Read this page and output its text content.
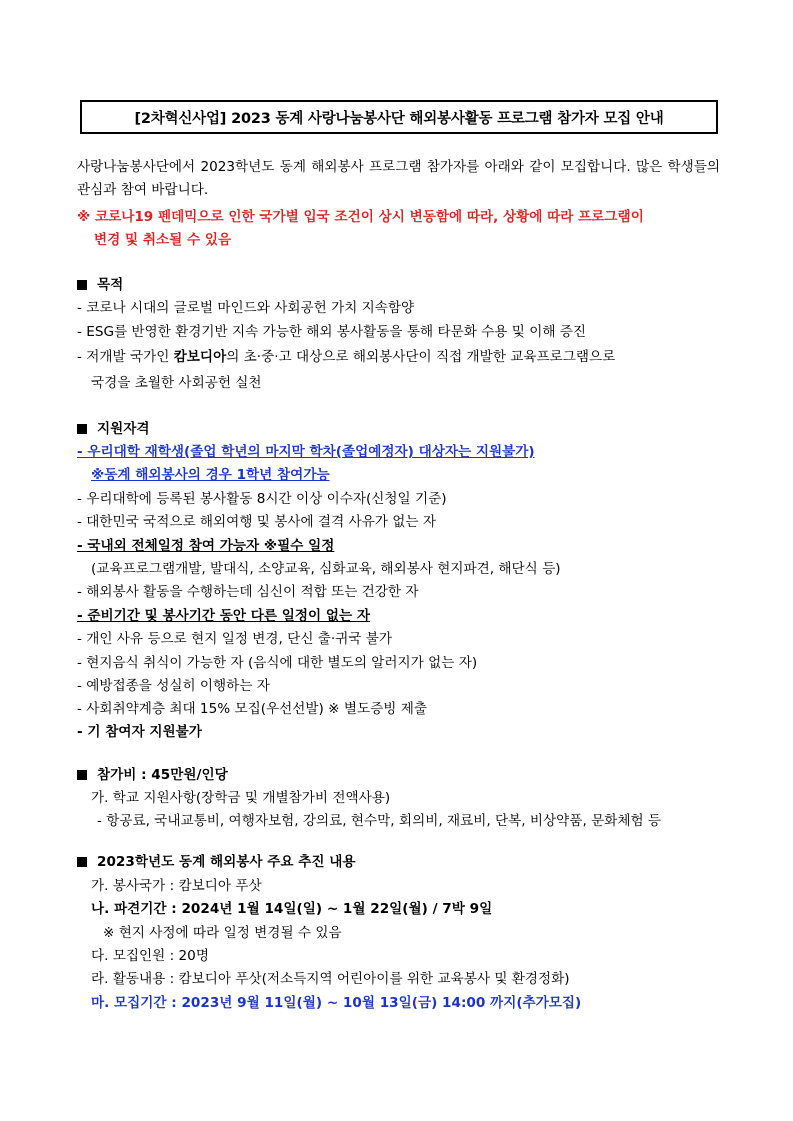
[2차혁신사업] 2023 동계 사랑나눔봉사단 해외봉사활동 프로그램 참가자 모집 안내
사랑나눔봉사단에서 2023학년도 동계 해외봉사 프로그램 참가자를 아래와 같이 모집합니다. 많은 학생들의 관심과 참여 바랍니다.
※ 코로나19 펜데믹으로 인한 국가별 입국 조건이 상시 변동함에 따라, 상황에 따라 프로그램이
변경 및 취소될 수 있음
목적
- 코로나 시대의 글로벌 마인드와 사회공헌 가치 지속함양
- ESG를 반영한 환경기반 지속 가능한 해외 봉사활동을 통해 타문화 수용 및 이해 증진
- 저개발 국가인 캄보디아의 초·중·고 대상으로 해외봉사단이 직접 개발한 교육프로그램으로
국경을 초월한 사회공헌 실천
지원자격
- 우리대학 재학생(졸업 학년의 마지막 학차(졸업예정자) 대상자는 지원불가)
※동계 해외봉사의 경우 1학년 참여가능
- 우리대학에 등록된 봉사활동 8시간 이상 이수자(신청일 기준)
- 대한민국 국적으로 해외여행 및 봉사에 결격 사유가 없는 자
- 국내외 전체일정 참여 가능자 ※필수 일정
(교육프로그램개발, 발대식, 소양교육, 심화교육, 해외봉사 현지파견, 해단식 등)
- 해외봉사 활동을 수행하는데 심신이 적합 또는 건강한 자
- 준비기간 및 봉사기간 동안 다른 일정이 없는 자
- 개인 사유 등으로 현지 일정 변경, 단신 출·귀국 불가
- 현지음식 취식이 가능한 자 (음식에 대한 별도의 알러지가 없는 자)
- 예방접종을 성실히 이행하는 자
- 사회취약계층 최대 15% 모집(우선선발) ※ 별도증빙 제출
- 기 참여자 지원불가
참가비 : 45만원/인당
가. 학교 지원사항(장학금 및 개별참가비 전액사용)
- 항공료, 국내교통비, 여행자보험, 강의료, 현수막, 회의비, 재료비, 단복, 비상약품, 문화체험 등
2023학년도 동계 해외봉사 주요 추진 내용
가. 봉사국가 : 캄보디아 푸삿
나. 파견기간 : 2024년 1월 14일(일) ~ 1월 22일(월) / 7박 9일
※ 현지 사정에 따라 일정 변경될 수 있음
다. 모집인원 : 20명
라. 활동내용 : 캄보디아 푸삿(저소득지역 어린아이를 위한 교육봉사 및 환경정화)
마. 모집기간 : 2023년 9월 11일(월) ~ 10월 13일(금) 14:00 까지(추가모집)
